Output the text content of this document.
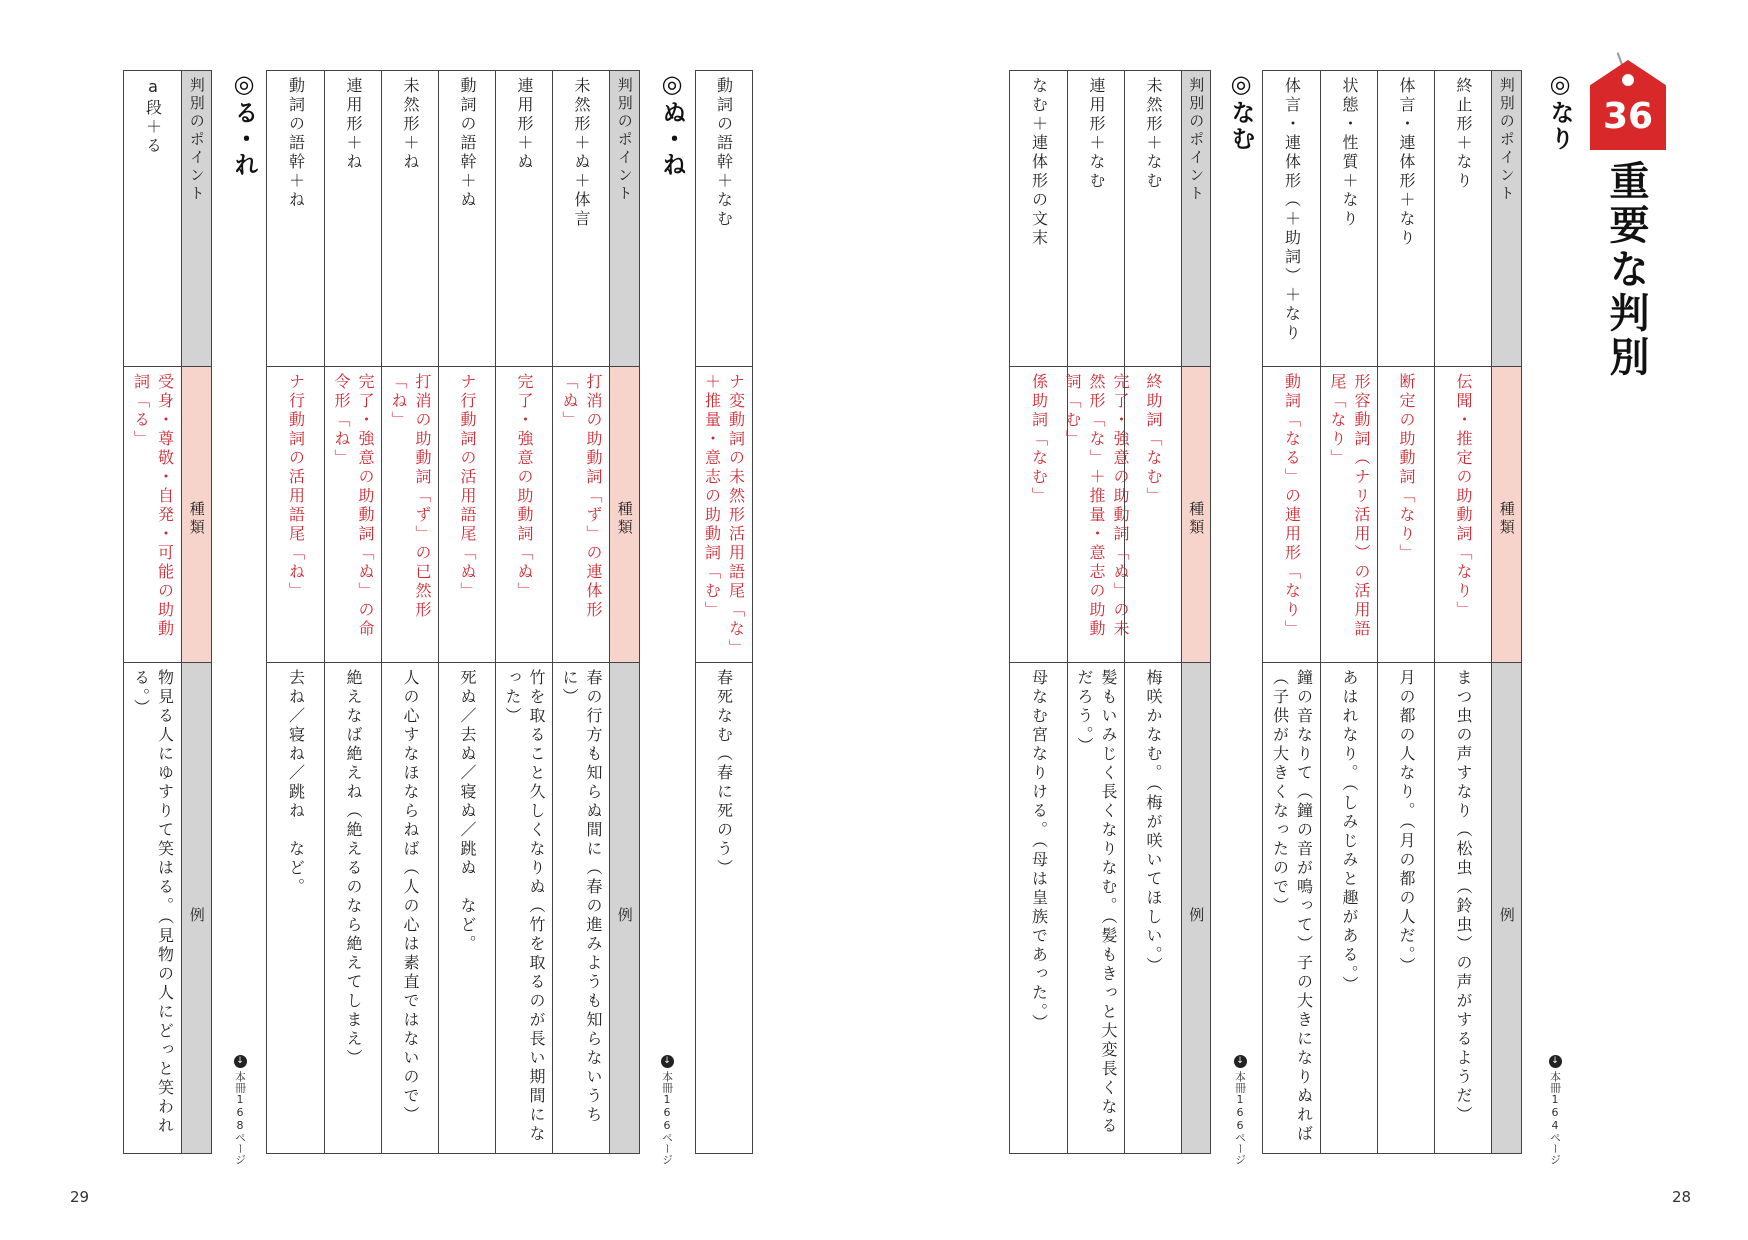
36
重要な判別
◎なり
判別のポイント
種類
例
終止形＋なり
伝聞・推定の助動詞「なり」
まつ虫の声すなり（松虫（鈴虫）の声がするようだ）
体言・連体形＋なり
断定の助動詞「なり」
月の都の人なり。（月の都の人だ。）
状態・性質＋なり
形容動詞（ナリ活用）の活用語尾「なり」
あはれなり。（しみじみと趣がある。）
体言・連体形（＋助詞）＋なり
動詞「なる」の連用形「なり」
鐘の音なりて（鐘の音が鳴って）子の大きになりぬれば（子供が大きくなったので）
↓
本冊164ページ
◎なむ
判別のポイント
種類
例
未然形＋なむ
終助詞「なむ」
梅咲かなむ。（梅が咲いてほしい。）
連用形＋なむ
完了・強意の助動詞「ぬ」の未然形「な」＋推量・意志の助動詞「む」
髪もいみじく長くなりなむ。（髪もきっと大変長くなるだろう。）
なむ＋連体形の文末
係助詞「なむ」
母なむ宮なりける。（母は皇族であった。）
↓
本冊166ページ
28
動詞の語幹＋なむ
ナ変動詞の未然形活用語尾「な」＋推量・意志の助動詞「む」
春死なむ（春に死のう）
◎ぬ・ね
判別のポイント
種類
例
未然形＋ぬ＋体言
打消の助動詞「ず」の連体形「ぬ」
春の行方も知らぬ間に（春の進みようも知らないうちに）
連用形＋ぬ
完了・強意の助動詞「ぬ」
竹を取ること久しくなりぬ（竹を取るのが長い期間になった）
動詞の語幹＋ぬ
ナ行動詞の活用語尾「ぬ」
死ぬ／去ぬ／寝ぬ／跳ぬ　など。
未然形＋ね
打消の助動詞「ず」の已然形「ね」
人の心すなほならねば（人の心は素直ではないので）
連用形＋ね
完了・強意の助動詞「ぬ」の命令形「ね」
絶えなば絶えね（絶えるのなら絶えてしまえ）
動詞の語幹＋ね
ナ行動詞の活用語尾「ね」
去ね／寝ね／跳ね　など。
↓
本冊166ページ
◎る・れ
判別のポイント
種類
例
a段＋る
受身・尊敬・自発・可能の助動詞「る」
物見る人にゆすりて笑はる。（見物の人にどっと笑われる。）
↓
本冊168ページ
29
